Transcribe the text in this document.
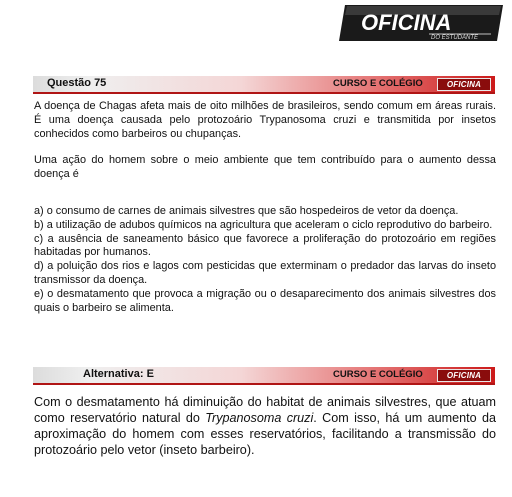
OFICINA
DO ESTUDANTE
Questão 75	CURSO E COLÉGIO	OFICINA
A doença de Chagas afeta mais de oito milhões de brasileiros, sendo comum em áreas rurais. É uma doença causada pelo protozoário Trypanosoma cruzi e transmitida por insetos conhecidos como barbeiros ou chupanças.
Uma ação do homem sobre o meio ambiente que tem contribuído para o aumento dessa doença é

a) o consumo de carnes de animais silvestres que são hospedeiros de vetor da doença.

b) a utilização de adubos químicos na agricultura que aceleram o ciclo reprodutivo do barbeiro.

c) a ausência de saneamento básico que favorece a proliferação do protozoário em regiões habitadas por humanos.

d) a poluição dos rios e lagos com pesticidas que exterminam o predador das larvas do inseto transmissor da doença.

e) o desmatamento que provoca a migração ou o desaparecimento dos animais silvestres dos quais o barbeiro se alimenta.

Alternativa: E	CURSO E COLÉGIO	OFICINA
Com o desmatamento há diminuição do habitat de animais silvestres, que atuam como reservatório natural do Trypanosoma cruzi. Com isso, há um aumento da aproximação do homem com esses reservatórios, facilitando a transmissão do protozoário pelo vetor (inseto barbeiro).
